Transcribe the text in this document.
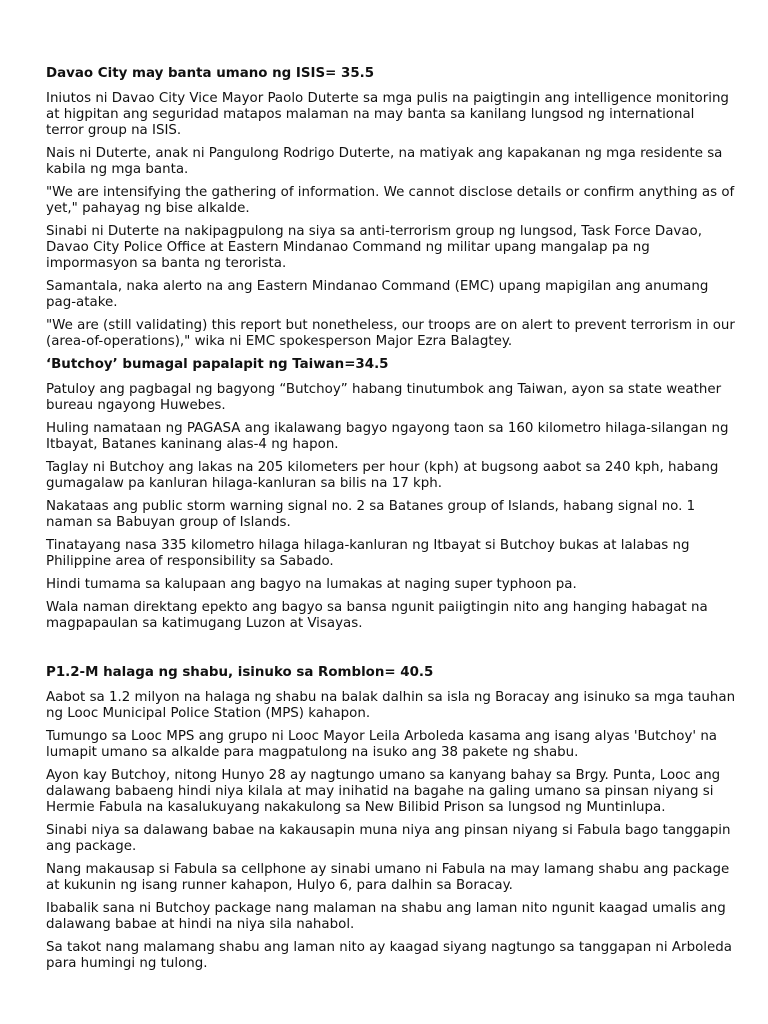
Davao City may banta umano ng ISIS= 35.5

Iniutos ni Davao City Vice Mayor Paolo Duterte sa mga pulis na paigtingin ang intelligence monitoring at higpitan ang seguridad matapos malaman na may banta sa kanilang lungsod ng international terror group na ISIS.

Nais ni Duterte, anak ni Pangulong Rodrigo Duterte, na matiyak ang kapakanan ng mga residente sa kabila ng mga banta.

"We are intensifying the gathering of information. We cannot disclose details or confirm anything as of yet," pahayag ng bise alkalde.

Sinabi ni Duterte na nakipagpulong na siya sa anti-terrorism group ng lungsod, Task Force Davao, Davao City Police Office at Eastern Mindanao Command ng militar upang mangalap pa ng impormasyon sa banta ng terorista.

Samantala, naka alerto na ang Eastern Mindanao Command (EMC) upang mapigilan ang anumang pag-atake.

"We are (still validating) this report but nonetheless, our troops are on alert to prevent terrorism in our (area-of-operations)," wika ni EMC spokesperson Major Ezra Balagtey.

‘Butchoy’ bumagal papalapit ng Taiwan=34.5

Patuloy ang pagbagal ng bagyong “Butchoy” habang tinutumbok ang Taiwan, ayon sa state weather bureau ngayong Huwebes.

Huling namataan ng PAGASA ang ikalawang bagyo ngayong taon sa 160 kilometro hilaga-silangan ng Itbayat, Batanes kaninang alas-4 ng hapon.

Taglay ni Butchoy ang lakas na 205 kilometers per hour (kph) at bugsong aabot sa 240 kph, habang gumagalaw pa kanluran hilaga-kanluran sa bilis na 17 kph.

Nakataas ang public storm warning signal no. 2 sa Batanes group of Islands, habang signal no. 1 naman sa Babuyan group of Islands.

Tinatayang nasa 335 kilometro hilaga hilaga-kanluran ng Itbayat si Butchoy bukas at lalabas ng Philippine area of responsibility sa Sabado.

Hindi tumama sa kalupaan ang bagyo na lumakas at naging super typhoon pa.

Wala naman direktang epekto ang bagyo sa bansa ngunit paiigtingin nito ang hanging habagat na magpapaulan sa katimugang Luzon at Visayas.

P1.2-M halaga ng shabu, isinuko sa Romblon= 40.5

Aabot sa 1.2 milyon na halaga ng shabu na balak dalhin sa isla ng Boracay ang isinuko sa mga tauhan ng Looc Municipal Police Station (MPS) kahapon.

Tumungo sa Looc MPS ang grupo ni Looc Mayor Leila Arboleda kasama ang isang alyas 'Butchoy' na lumapit umano sa alkalde para magpatulong na isuko ang 38 pakete ng shabu.

Ayon kay Butchoy, nitong Hunyo 28 ay nagtungo umano sa kanyang bahay sa Brgy. Punta, Looc ang dalawang babaeng hindi niya kilala at may inihatid na bagahe na galing umano sa pinsan niyang si Hermie Fabula na kasalukuyang nakakulong sa New Bilibid Prison sa lungsod ng Muntinlupa.

Sinabi niya sa dalawang babae na kakausapin muna niya ang pinsan niyang si Fabula bago tanggapin ang package.

Nang makausap si Fabula sa cellphone ay sinabi umano ni Fabula na may lamang shabu ang package at kukunin ng isang runner kahapon, Hulyo 6, para dalhin sa Boracay.

Ibabalik sana ni Butchoy package nang malaman na shabu ang laman nito ngunit kaagad umalis ang dalawang babae at hindi na niya sila nahabol.

Sa takot nang malamang shabu ang laman nito ay kaagad siyang nagtungo sa tanggapan ni Arboleda para humingi ng tulong.
